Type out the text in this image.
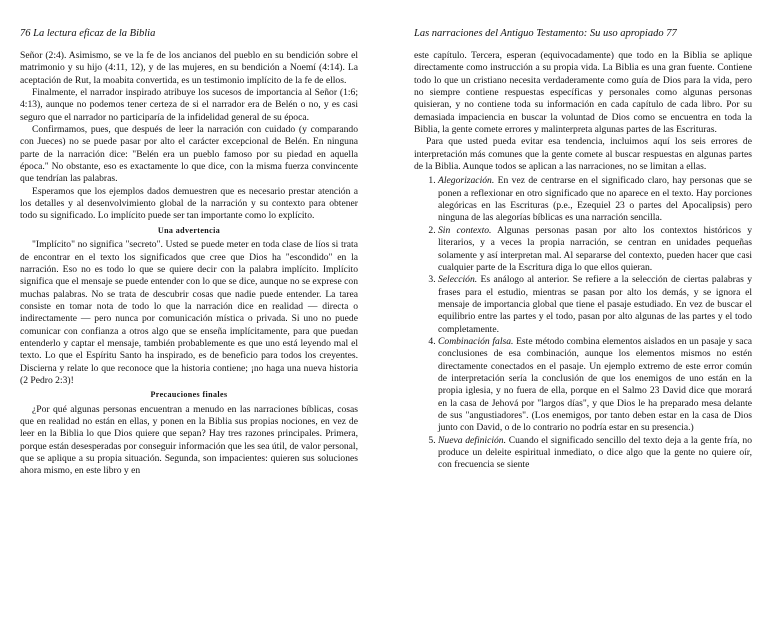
76 La lectura eficaz de la Biblia

Señor (2:4). Asimismo, se ve la fe de los ancianos del pueblo en su bendición sobre el matrimonio y su hijo (4:11, 12), y de las mujeres, en su bendición a Noemí (4:14). La aceptación de Rut, la moabita convertida, es un testimonio implícito de la fe de ellos.

Finalmente, el narrador inspirado atribuye los sucesos de importancia al Señor (1:6; 4:13), aunque no podemos tener certeza de si el narrador era de Belén o no, y es casi seguro que el narrador no participaría de la infidelidad general de su época.

Confirmamos, pues, que después de leer la narración con cuidado (y comparando con Jueces) no se puede pasar por alto el carácter excepcional de Belén. En ninguna parte de la narración dice: "Belén era un pueblo famoso por su piedad en aquella época." No obstante, eso es exactamente lo que dice, con la misma fuerza convincente que tendrían las palabras.

Esperamos que los ejemplos dados demuestren que es necesario prestar atención a los detalles y al desenvolvimiento global de la narración y su contexto para obtener todo su significado. Lo implícito puede ser tan importante como lo explícito.

Una advertencia

"Implícito" no significa "secreto". Usted se puede meter en toda clase de líos si trata de encontrar en el texto los significados que cree que Dios ha "escondido" en la narración. Eso no es todo lo que se quiere decir con la palabra implícito. Implícito significa que el mensaje se puede entender con lo que se dice, aunque no se exprese con muchas palabras. No se trata de descubrir cosas que nadie puede entender. La tarea consiste en tomar nota de todo lo que la narración dice en realidad — directa o indirectamente — pero nunca por comunicación mística o privada. Si uno no puede comunicar con confianza a otros algo que se enseña implícitamente, para que puedan entenderlo y captar el mensaje, también probablemente es que uno está leyendo mal el texto. Lo que el Espíritu Santo ha inspirado, es de beneficio para todos los creyentes. Discierna y relate lo que reconoce que la historia contiene; ¡no haga una nueva historia (2 Pedro 2:3)!

Precauciones finales

¿Por qué algunas personas encuentran a menudo en las narraciones bíblicas, cosas que en realidad no están en ellas, y ponen en la Biblia sus propias nociones, en vez de leer en la Biblia lo que Dios quiere que sepan? Hay tres razones principales. Primera, porque están desesperadas por conseguir información que les sea útil, de valor personal, que se aplique a su propia situación. Segunda, son impacientes: quieren sus soluciones ahora mismo, en este libro y en

Las narraciones del Antiguo Testamento: Su uso apropiado 77

este capítulo. Tercera, esperan (equivocadamente) que todo en la Biblia se aplique directamente como instrucción a su propia vida. La Biblia es una gran fuente. Contiene todo lo que un cristiano necesita verdaderamente como guía de Dios para la vida, pero no siempre contiene respuestas específicas y personales como algunas personas quisieran, y no contiene toda su información en cada capítulo de cada libro. Por su demasiada impaciencia en buscar la voluntad de Dios como se encuentra en toda la Biblia, la gente comete errores y malinterpreta algunas partes de las Escrituras.

Para que usted pueda evitar esa tendencia, incluimos aquí los seis errores de interpretación más comunes que la gente comete al buscar respuestas en algunas partes de la Biblia. Aunque todos se aplican a las narraciones, no se limitan a ellas.

1. Alegorización. En vez de centrarse en el significado claro, hay personas que se ponen a reflexionar en otro significado que no aparece en el texto. Hay porciones alegóricas en las Escrituras (p.e., Ezequiel 23 o partes del Apocalipsis) pero ninguna de las alegorías bíblicas es una narración sencilla.
2. Sin contexto. Algunas personas pasan por alto los contextos históricos y literarios, y a veces la propia narración, se centran en unidades pequeñas solamente y así interpretan mal. Al separarse del contexto, pueden hacer que casi cualquier parte de la Escritura diga lo que ellos quieran.
3. Selección. Es análogo al anterior. Se refiere a la selección de ciertas palabras y frases para el estudio, mientras se pasan por alto los demás, y se ignora el mensaje de importancia global que tiene el pasaje estudiado. En vez de buscar el equilibrio entre las partes y el todo, pasan por alto algunas de las partes y el todo completamente.
4. Combinación falsa. Este método combina elementos aislados en un pasaje y saca conclusiones de esa combinación, aunque los elementos mismos no estén directamente conectados en el pasaje. Un ejemplo extremo de este error común de interpretación sería la conclusión de que los enemigos de uno están en la propia iglesia, y no fuera de ella, porque en el Salmo 23 David dice que morará en la casa de Jehová por "largos días", y que Dios le ha preparado mesa delante de sus "angustiadores". (Los enemigos, por tanto deben estar en la casa de Dios junto con David, o de lo contrario no podría estar en su presencia.)
5. Nueva definición. Cuando el significado sencillo del texto deja a la gente fría, no produce un deleite espiritual inmediato, o dice algo que la gente no quiere oír, con frecuencia se siente
